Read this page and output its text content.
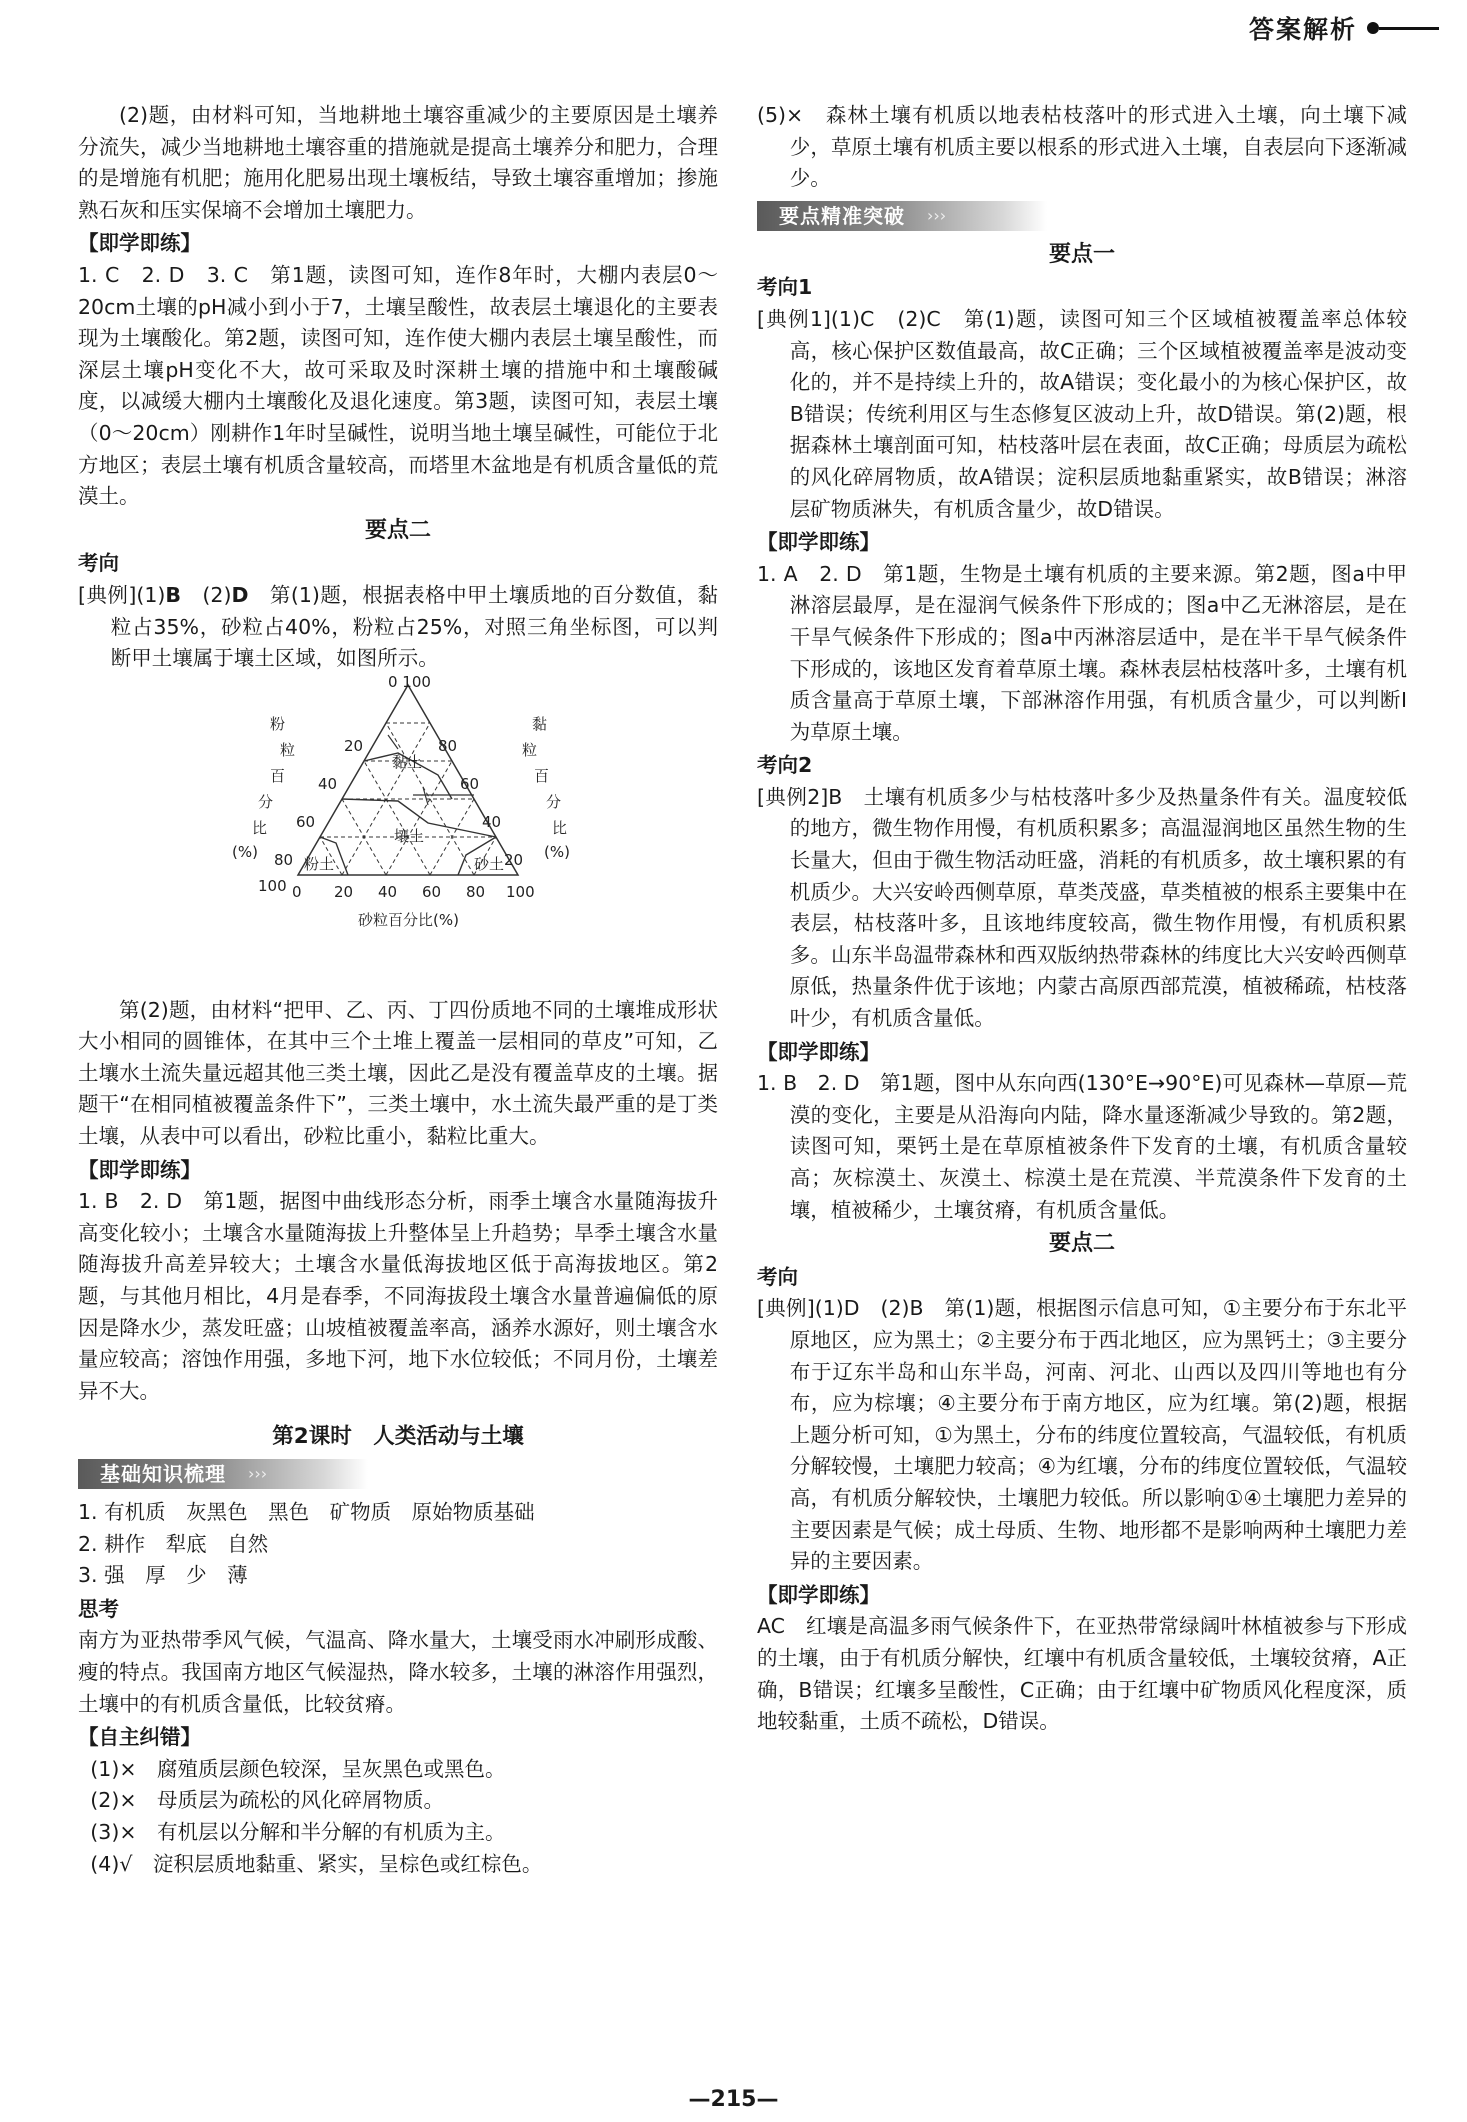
答案解析

(2)题，由材料可知，当地耕地土壤容重减少的主要原因是土壤养分流失，减少当地耕地土壤容重的措施就是提高土壤养分和肥力，合理的是增施有机肥；施用化肥易出现土壤板结，导致土壤容重增加；掺施熟石灰和压实保墒不会增加土壤肥力。

【即学即练】

1. C　2. D　3. C　第1题，读图可知，连作8年时，大棚内表层0～20cm土壤的pH减小到小于7，土壤呈酸性，故表层土壤退化的主要表现为土壤酸化。第2题，读图可知，连作使大棚内表层土壤呈酸性，而深层土壤pH变化不大，故可采取及时深耕土壤的措施中和土壤酸碱度，以减缓大棚内土壤酸化及退化速度。第3题，读图可知，表层土壤（0～20cm）刚耕作1年时呈碱性，说明当地土壤呈碱性，可能位于北方地区；表层土壤有机质含量较高，而塔里木盆地是有机质含量低的荒漠土。

要点二

考向

[典例](1)B　(2)D　第(1)题，根据表格中甲土壤质地的百分数值，黏粒占35%，砂粒占40%，粉粒占25%，对照三角坐标图，可以判断甲土壤属于壤土区域，如图所示。

0 100
100 0 20 40 60 80 100
80
60
40
20	80
60
40
20
黏土
壤土
粉土	砂土
粉
粒
百
分
比
(%)
黏
粒
百
分
比
(%)
砂粒百分比(%)

第(2)题，由材料“把甲、乙、丙、丁四份质地不同的土壤堆成形状大小相同的圆锥体，在其中三个土堆上覆盖一层相同的草皮”可知，乙土壤水土流失量远超其他三类土壤，因此乙是没有覆盖草皮的土壤。据题干“在相同植被覆盖条件下”，三类土壤中，水土流失最严重的是丁类土壤，从表中可以看出，砂粒比重小，黏粒比重大。

【即学即练】

1. B　2. D　第1题，据图中曲线形态分析，雨季土壤含水量随海拔升高变化较小；土壤含水量随海拔上升整体呈上升趋势；旱季土壤含水量随海拔升高差异较大；土壤含水量低海拔地区低于高海拔地区。第2题，与其他月相比，4月是春季，不同海拔段土壤含水量普遍偏低的原因是降水少，蒸发旺盛；山坡植被覆盖率高，涵养水源好，则土壤含水量应较高；溶蚀作用强，多地下河，地下水位较低；不同月份，土壤差异不大。

第2课时　人类活动与土壤

基础知识梳理 ›››

1. 有机质　灰黑色　黑色　矿物质　原始物质基础

2. 耕作　犁底　自然

3. 强　厚　少　薄

思考

南方为亚热带季风气候，气温高、降水量大，土壤受雨水冲刷形成酸、瘦的特点。我国南方地区气候湿热，降水较多，土壤的淋溶作用强烈，土壤中的有机质含量低，比较贫瘠。

【自主纠错】

(1)×　腐殖质层颜色较深，呈灰黑色或黑色。

(2)×　母质层为疏松的风化碎屑物质。

(3)×　有机层以分解和半分解的有机质为主。

(4)√　淀积层质地黏重、紧实，呈棕色或红棕色。

(5)×　森林土壤有机质以地表枯枝落叶的形式进入土壤，向土壤下减少，草原土壤有机质主要以根系的形式进入土壤，自表层向下逐渐减少。

要点精准突破 ›››

要点一

考向1

[典例1](1)C　(2)C　第(1)题，读图可知三个区域植被覆盖率总体较高，核心保护区数值最高，故C正确；三个区域植被覆盖率是波动变化的，并不是持续上升的，故A错误；变化最小的为核心保护区，故B错误；传统利用区与生态修复区波动上升，故D错误。第(2)题，根据森林土壤剖面可知，枯枝落叶层在表面，故C正确；母质层为疏松的风化碎屑物质，故A错误；淀积层质地黏重紧实，故B错误；淋溶层矿物质淋失，有机质含量少，故D错误。

【即学即练】

1. A　2. D　第1题，生物是土壤有机质的主要来源。第2题，图a中甲淋溶层最厚，是在湿润气候条件下形成的；图a中乙无淋溶层，是在干旱气候条件下形成的；图a中丙淋溶层适中，是在半干旱气候条件下形成的，该地区发育着草原土壤。森林表层枯枝落叶多，土壤有机质含量高于草原土壤，下部淋溶作用强，有机质含量少，可以判断Ⅰ为草原土壤。

考向2

[典例2]B　土壤有机质多少与枯枝落叶多少及热量条件有关。温度较低的地方，微生物作用慢，有机质积累多；高温湿润地区虽然生物的生长量大，但由于微生物活动旺盛，消耗的有机质多，故土壤积累的有机质少。大兴安岭西侧草原，草类茂盛，草类植被的根系主要集中在表层，枯枝落叶多，且该地纬度较高，微生物作用慢，有机质积累多。山东半岛温带森林和西双版纳热带森林的纬度比大兴安岭西侧草原低，热量条件优于该地；内蒙古高原西部荒漠，植被稀疏，枯枝落叶少，有机质含量低。

【即学即练】

1. B　2. D　第1题，图中从东向西(130°E→90°E)可见森林—草原—荒漠的变化，主要是从沿海向内陆，降水量逐渐减少导致的。第2题，读图可知，栗钙土是在草原植被条件下发育的土壤，有机质含量较高；灰棕漠土、灰漠土、棕漠土是在荒漠、半荒漠条件下发育的土壤，植被稀少，土壤贫瘠，有机质含量低。

要点二

考向

[典例](1)D　(2)B　第(1)题，根据图示信息可知，①主要分布于东北平原地区，应为黑土；②主要分布于西北地区，应为黑钙土；③主要分布于辽东半岛和山东半岛，河南、河北、山西以及四川等地也有分布，应为棕壤；④主要分布于南方地区，应为红壤。第(2)题，根据上题分析可知，①为黑土，分布的纬度位置较高，气温较低，有机质分解较慢，土壤肥力较高；④为红壤，分布的纬度位置较低，气温较高，有机质分解较快，土壤肥力较低。所以影响①④土壤肥力差异的主要因素是气候；成土母质、生物、地形都不是影响两种土壤肥力差异的主要因素。

【即学即练】

AC　红壤是高温多雨气候条件下，在亚热带常绿阔叶林植被参与下形成的土壤，由于有机质分解快，红壤中有机质含量较低，土壤较贫瘠，A正确，B错误；红壤多呈酸性，C正确；由于红壤中矿物质风化程度深，质地较黏重，土质不疏松，D错误。

—215—
